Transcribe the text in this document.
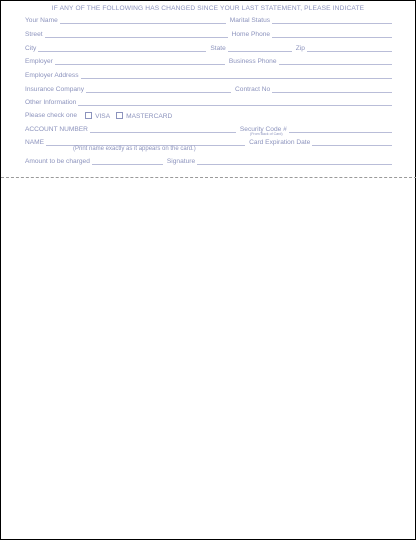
IF ANY OF THE FOLLOWING HAS CHANGED SINCE YOUR LAST STATEMENT, PLEASE INDICATE
Your Name	Marital Status
Street	Home Phone
City	State	Zip
Employer	Business Phone
Employer Address
Insurance Company	Contract No
Other Information
Please check one	VISA MASTERCARD
ACCOUNT NUMBER	Security Code #
(From Back of Card)
NAME	Card Expiration Date
(Print name exactly as it appears on the card.)
Amount to be charged	Signature
